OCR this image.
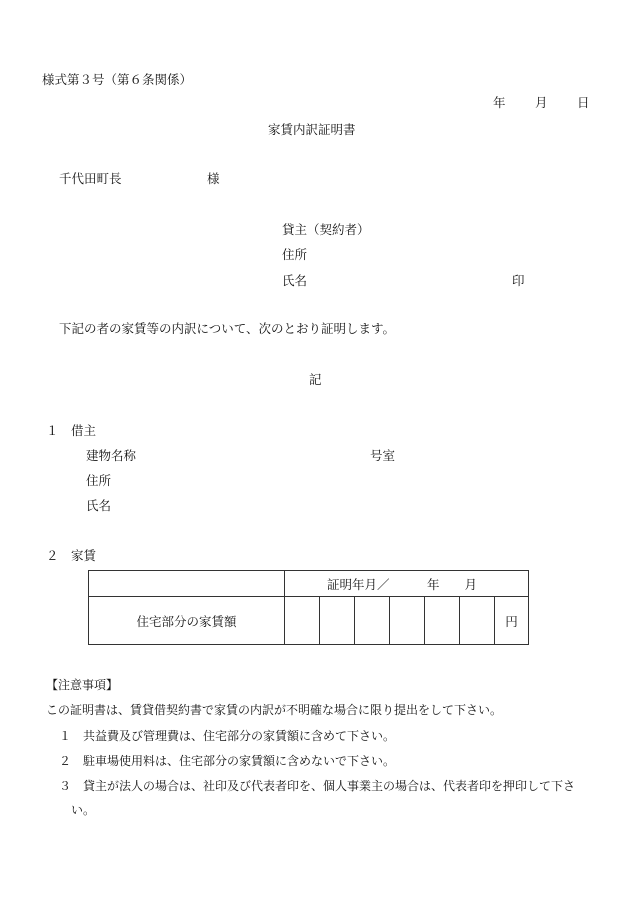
様式第３号（第６条関係）
年 月 日
家賃内訳証明書
千代田町長	様
貸主（契約者）
住所
氏名	印
下記の者の家賃等の内訳について、次のとおり証明します。
記
１　借主
建物名称	号室
住所
氏名
２　家賃
	証明年月／　　　年　　月						
住宅部分の家賃額							円
【注意事項】
この証明書は、賃貸借契約書で家賃の内訳が不明確な場合に限り提出をして下さい。
１　共益費及び管理費は、住宅部分の家賃額に含めて下さい。
２　駐車場使用料は、住宅部分の家賃額に含めないで下さい。
３　貸主が法人の場合は、社印及び代表者印を、個人事業主の場合は、代表者印を押印して下さ
い。
